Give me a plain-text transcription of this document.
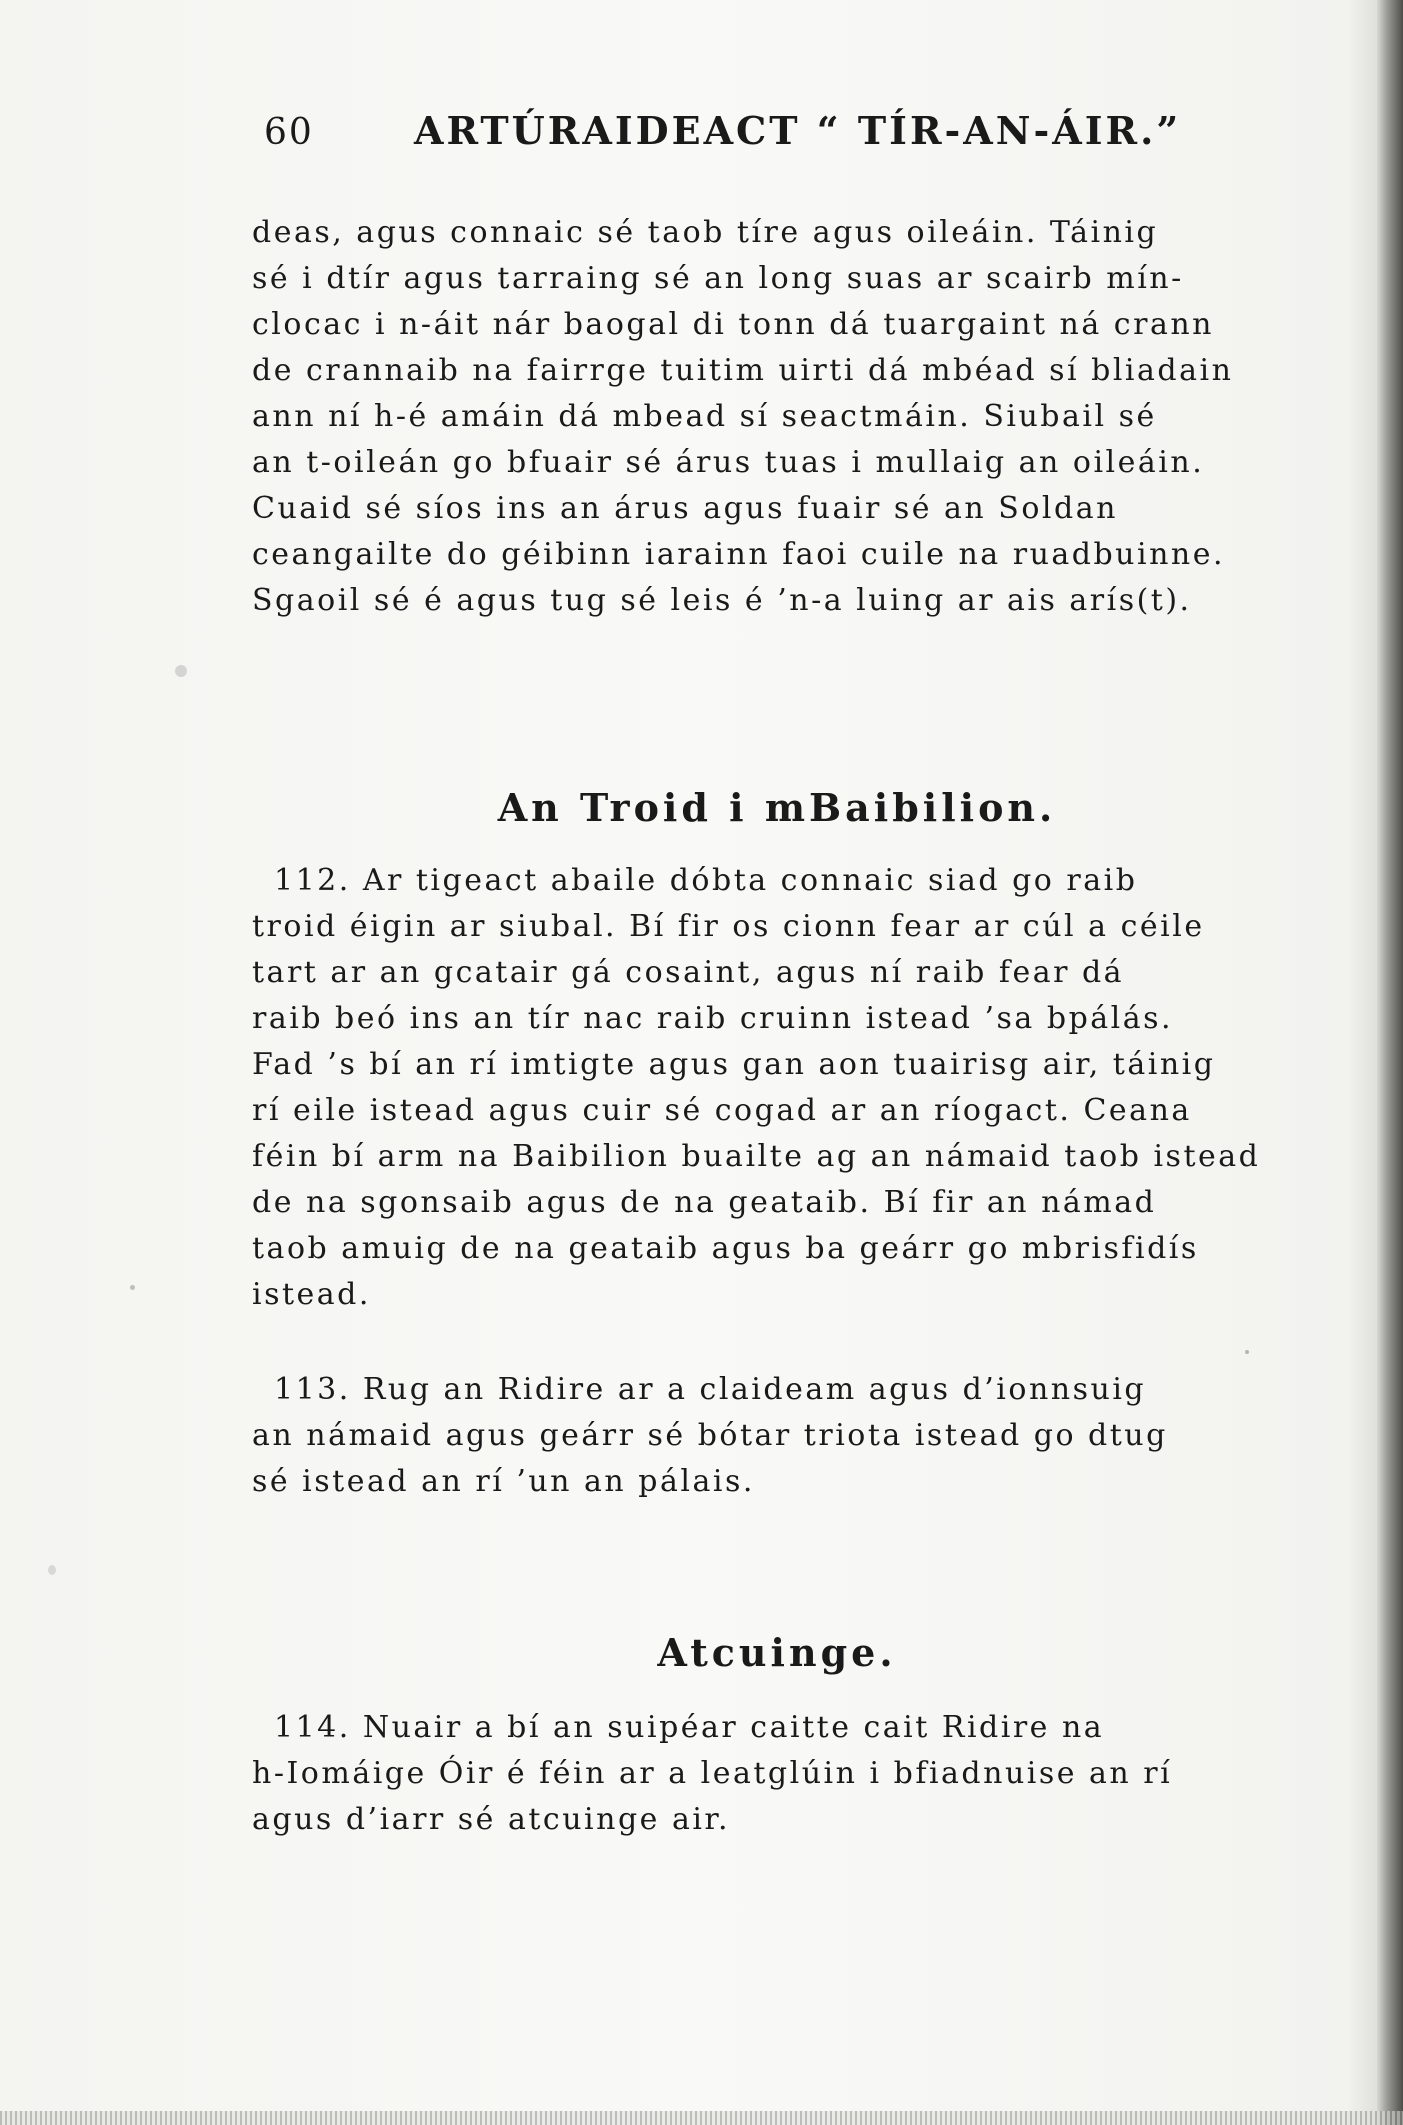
60	ARTÚRAIDEACT “ TÍR-AN-ÁIR.”
deas, agus connaic sé taob tíre agus oileáin. Táinig
sé i dtír agus tarraing sé an long suas ar scairb mín-
clocac i n-áit nár baogal di tonn dá tuargaint ná crann
de crannaib na fairrge tuitim uirti dá mbéad sí bliadain
ann ní h-é amáin dá mbead sí seactmáin. Siubail sé
an t-oileán go bfuair sé árus tuas i mullaig an oileáin.
Cuaid sé síos ins an árus agus fuair sé an Soldan
ceangailte do géibinn iarainn faoi cuile na ruadbuinne.
Sgaoil sé é agus tug sé leis é ’n-a luing ar ais arís(t).
An Troid i mBaibilion.
112. Ar tigeact abaile dóbta connaic siad go raib
troid éigin ar siubal. Bí fir os cionn fear ar cúl a céile
tart ar an gcatair gá cosaint, agus ní raib fear dá
raib beó ins an tír nac raib cruinn istead ’sa bpálás.
Fad ’s bí an rí imtigte agus gan aon tuairisg air, táinig
rí eile istead agus cuir sé cogad ar an ríogact. Ceana
féin bí arm na Baibilion buailte ag an námaid taob istead
de na sgonsaib agus de na geataib. Bí fir an námad
taob amuig de na geataib agus ba geárr go mbrisfidís
istead.
113. Rug an Ridire ar a claideam agus d’ionnsuig
an námaid agus geárr sé bótar triota istead go dtug
sé istead an rí ’un an pálais.
Atcuinge.
114. Nuair a bí an suipéar caitte cait Ridire na
h-Iomáige Óir é féin ar a leatglúin i bfiadnuise an rí
agus d’iarr sé atcuinge air.
